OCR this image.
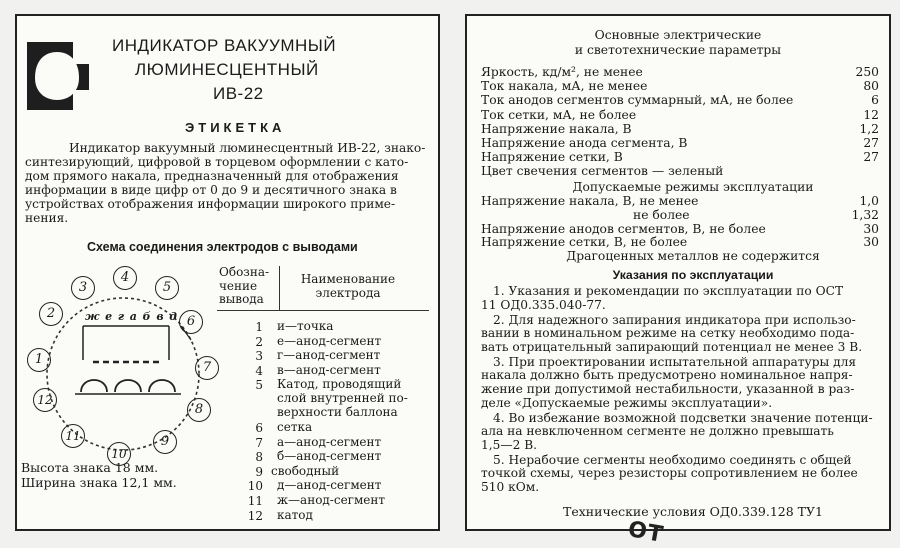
ИНДИКАТОР ВАКУУМНЫЙ
ЛЮМИНЕСЦЕНТНЫЙ
ИВ-22
ЭТИКЕТКА
Индикатор вакуумный люминесцентный ИВ-22, знако-
синтезирующий, цифровой в торцевом оформлении с като-
дом прямого накала, предназначенный для отображения
информации в виде цифр от 0 до 9 и десятичного знака в
устройствах отображения информации широкого приме-
нения.
Схема соединения электродов с выводами
4
3	5
2
6
1
7
12
8
11	9
10
ж е г а б в д
Обозна-
чение
вывода
Наименование
электрода
1 и—точка
2 е—анод-сегмент
3 г—анод-сегмент
4 в—анод-сегмент
5 Катод, проводящий
слой внутренней по-
верхности баллона
6 сетка
7 а—анод-сегмент
8 б—анод-сегмент
9 свободный
10 д—анод-сегмент
11 ж—анод-сегмент
12 катод
Высота знака 18 мм.
Ширина знака 12,1 мм.
Основные электрические
и светотехнические параметры
Яркость, кд/м², не менее	250
Ток накала, мА, не менее	80
Ток анодов сегментов суммарный, мА, не более	6
Ток сетки, мА, не более	12
Напряжение накала, В	1,2
Напряжение анода сегмента, В	27
Напряжение сетки, В	27
Цвет свечения сегментов — зеленый
Допускаемые режимы эксплуатации
Напряжение накала, В, не менее	1,0
не более	1,32
Напряжение анодов сегментов, В, не более	30
Напряжение сетки, В, не более	30
Драгоценных металлов не содержится
Указания по эксплуатации
1. Указания и рекомендации по эксплуатации по ОСТ
11 ОД0.335.040-77.
2. Для надежного запирания индикатора при использо-
вании в номинальном режиме на сетку необходимо пода-
вать отрицательный запирающий потенциал не менее 3 В.
3. При проектировании испытательной аппаратуры для
накала должно быть предусмотрено номинальное напря-
жение при допустимой нестабильности, указанной в раз-
деле «Допускаемые режимы эксплуатации».
4. Во избежание возможной подсветки значение потенци-
ала на невключенном сегменте не должно превышать
1,5—2 В.
5. Нерабочие сегменты необходимо соединять с общей
точкой схемы, через резисторы сопротивлением не более
510 кОм.
Технические условия ОД0.339.128 ТУ1
ОТ
